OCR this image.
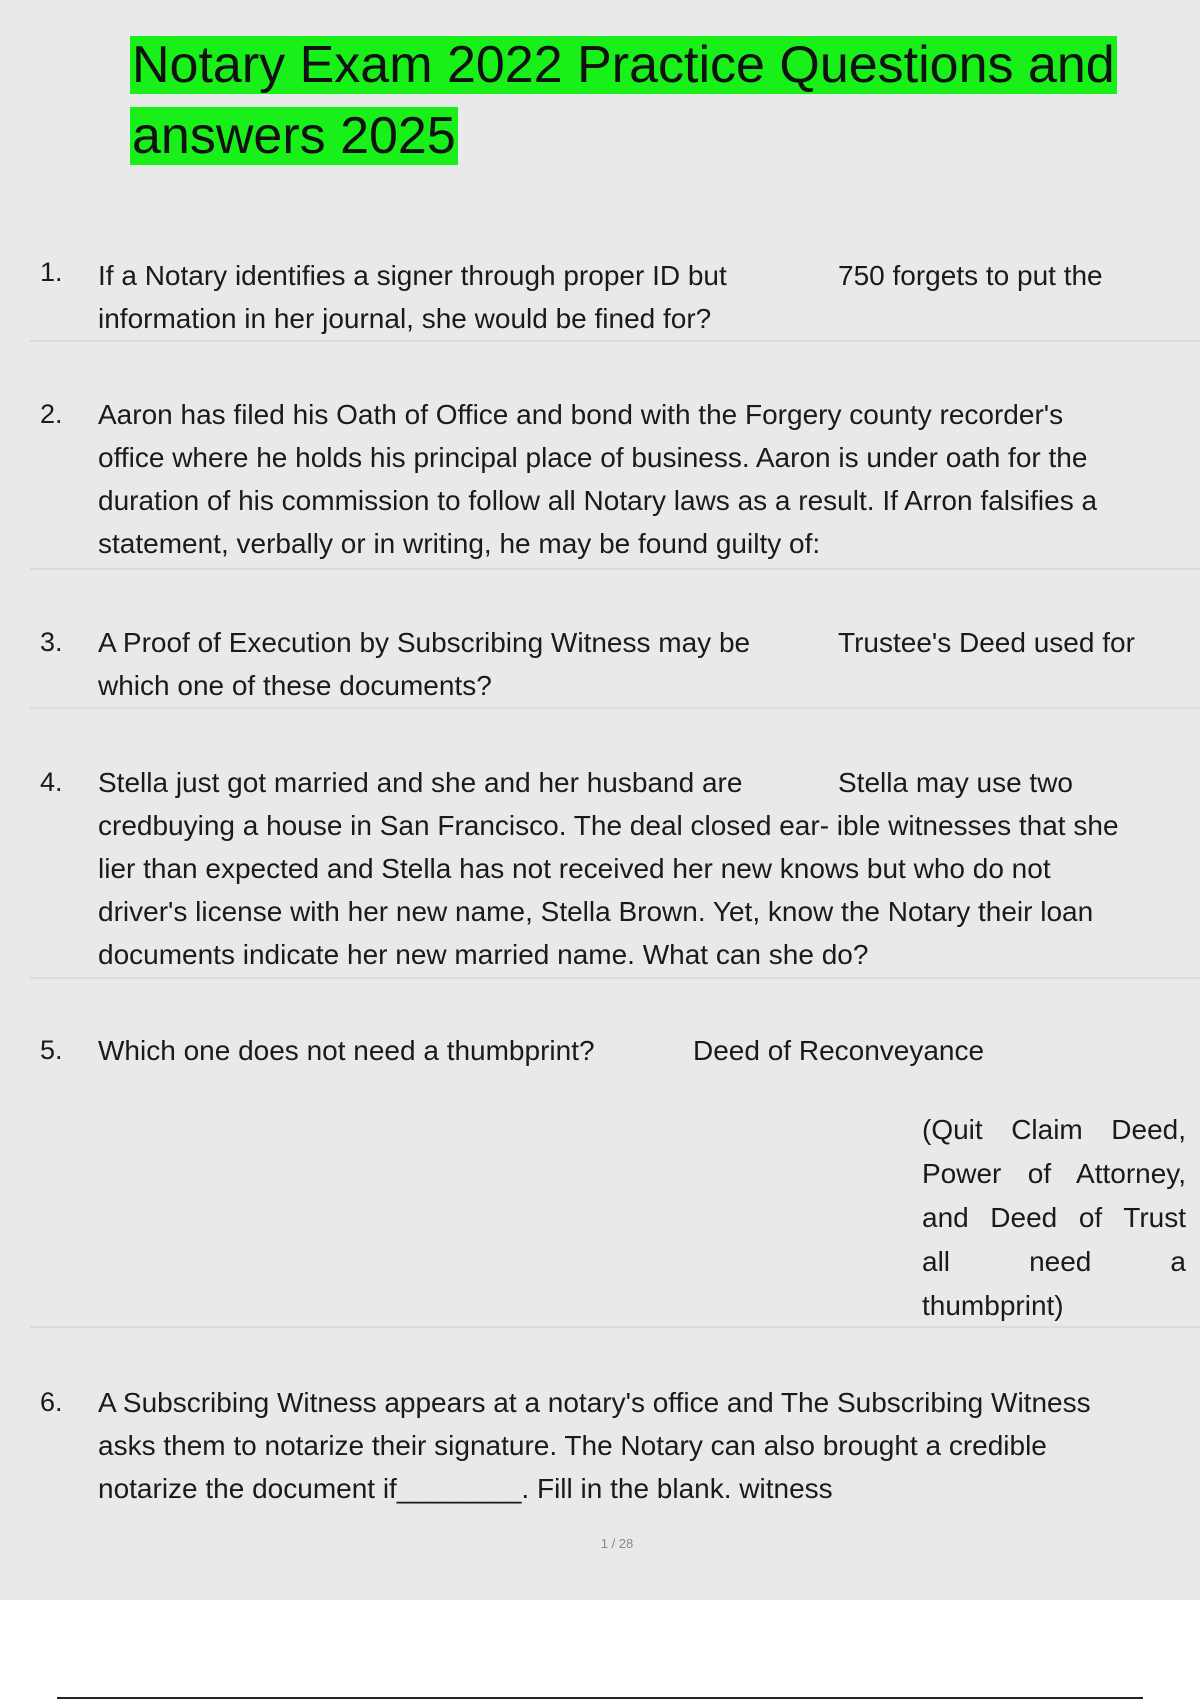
Notary Exam 2022 Practice Questions and
answers 2025
1. If a Notary identifies a signer through proper ID but
information in her journal, she would be fined for?
750 forgets to put the
2. Aaron has filed his Oath of Office and bond with the Forgery county recorder's
office where he holds his principal place of business. Aaron is under oath for the
duration of his commission to follow all Notary laws as a result. If Arron falsifies a
statement, verbally or in writing, he may be found guilty of:
3. A Proof of Execution by Subscribing Witness may be
which one of these documents?
Trustee's Deed used for
4. Stella just got married and she and her husband are
credbuying a house in San Francisco. The deal closed ear- ible witnesses that she
lier than expected and Stella has not received her new knows but who do not
driver's license with her new name, Stella Brown. Yet, know the Notary their loan
documents indicate her new married name. What can she do?
Stella may use two
5. Which one does not need a thumbprint?	Deed of Reconveyance
(Quit Claim Deed,
Power of Attorney,
and Deed of Trust
all need a
thumbprint)
6. A Subscribing Witness appears at a notary's office and The Subscribing Witness
asks them to notarize their signature. The Notary can also brought a credible
notarize the document if________. Fill in the blank. witness
1 / 28
